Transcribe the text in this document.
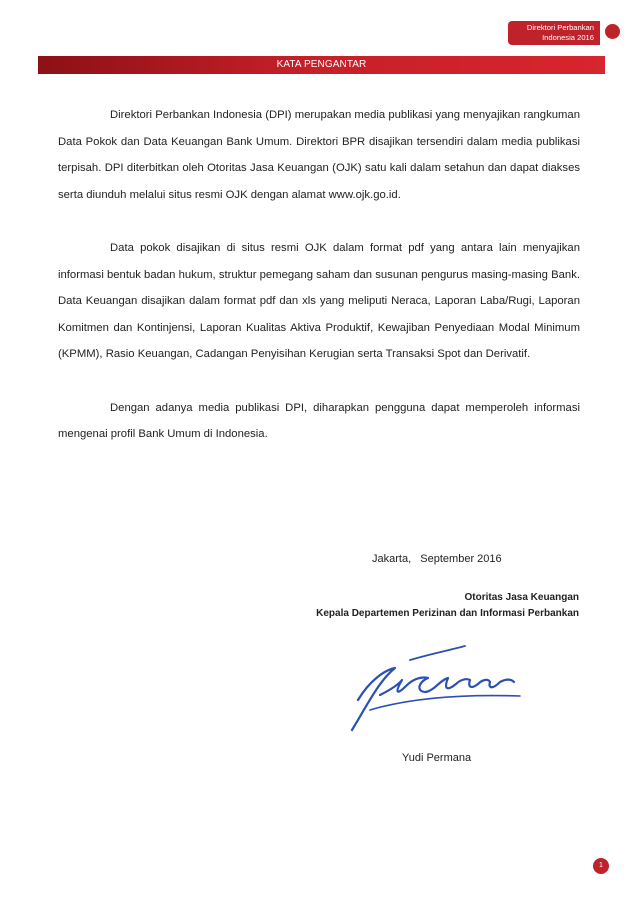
Direktori Perbankan
Indonesia 2016
KATA PENGANTAR

Direktori Perbankan Indonesia (DPI) merupakan media publikasi yang menyajikan rangkuman Data Pokok dan Data Keuangan Bank Umum. Direktori BPR disajikan tersendiri dalam media publikasi terpisah. DPI diterbitkan oleh Otoritas Jasa Keuangan (OJK) satu kali dalam setahun dan dapat diakses serta diunduh melalui situs resmi OJK dengan alamat www.ojk.go.id.

Data pokok disajikan di situs resmi OJK dalam format pdf yang antara lain menyajikan informasi bentuk badan hukum, struktur pemegang saham dan susunan pengurus masing-masing Bank. Data Keuangan disajikan dalam format pdf dan xls yang meliputi Neraca, Laporan Laba/Rugi, Laporan Komitmen dan Kontinjensi, Laporan Kualitas Aktiva Produktif, Kewajiban Penyediaan Modal Minimum (KPMM), Rasio Keuangan, Cadangan Penyisihan Kerugian serta Transaksi Spot dan Derivatif.

Dengan adanya media publikasi DPI, diharapkan pengguna dapat memperoleh informasi mengenai profil Bank Umum di Indonesia.

Jakarta,   September 2016
Otoritas Jasa Keuangan
Kepala Departemen Perizinan dan Informasi Perbankan
Yudi Permana
1
